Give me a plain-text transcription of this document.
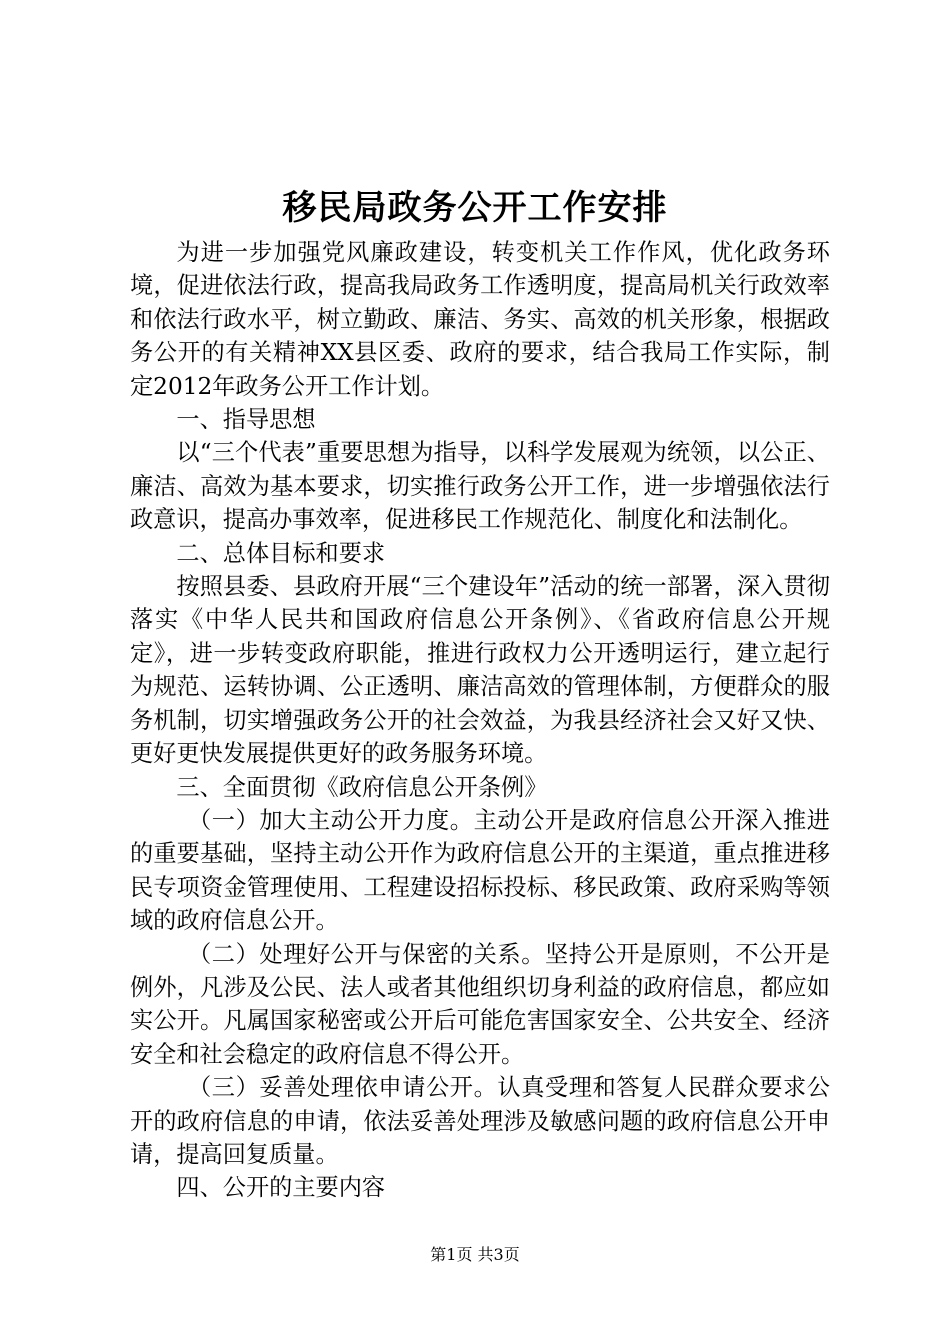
移民局政务公开工作安排

为进一步加强党风廉政建设，转变机关工作作风，优化政务环境，促进依法行政，提高我局政务工作透明度，提高局机关行政效率和依法行政水平，树立勤政、廉洁、务实、高效的机关形象，根据政务公开的有关精神XX县区委、政府的要求，结合我局工作实际，制定2012年政务公开工作计划。

一、指导思想

以“三个代表”重要思想为指导，以科学发展观为统领，以公正、廉洁、高效为基本要求，切实推行政务公开工作，进一步增强依法行政意识，提高办事效率，促进移民工作规范化、制度化和法制化。

二、总体目标和要求

按照县委、县政府开展“三个建设年”活动的统一部署，深入贯彻落实《中华人民共和国政府信息公开条例》、《省政府信息公开规定》，进一步转变政府职能，推进行政权力公开透明运行，建立起行为规范、运转协调、公正透明、廉洁高效的管理体制，方便群众的服务机制，切实增强政务公开的社会效益，为我县经济社会又好又快、更好更快发展提供更好的政务服务环境。

三、全面贯彻《政府信息公开条例》

（一）加大主动公开力度。主动公开是政府信息公开深入推进的重要基础，坚持主动公开作为政府信息公开的主渠道，重点推进移民专项资金管理使用、工程建设招标投标、移民政策、政府采购等领域的政府信息公开。

（二）处理好公开与保密的关系。坚持公开是原则，不公开是例外，凡涉及公民、法人或者其他组织切身利益的政府信息，都应如实公开。凡属国家秘密或公开后可能危害国家安全、公共安全、经济安全和社会稳定的政府信息不得公开。

（三）妥善处理依申请公开。认真受理和答复人民群众要求公开的政府信息的申请，依法妥善处理涉及敏感问题的政府信息公开申请，提高回复质量。

四、公开的主要内容

第1页 共3页
